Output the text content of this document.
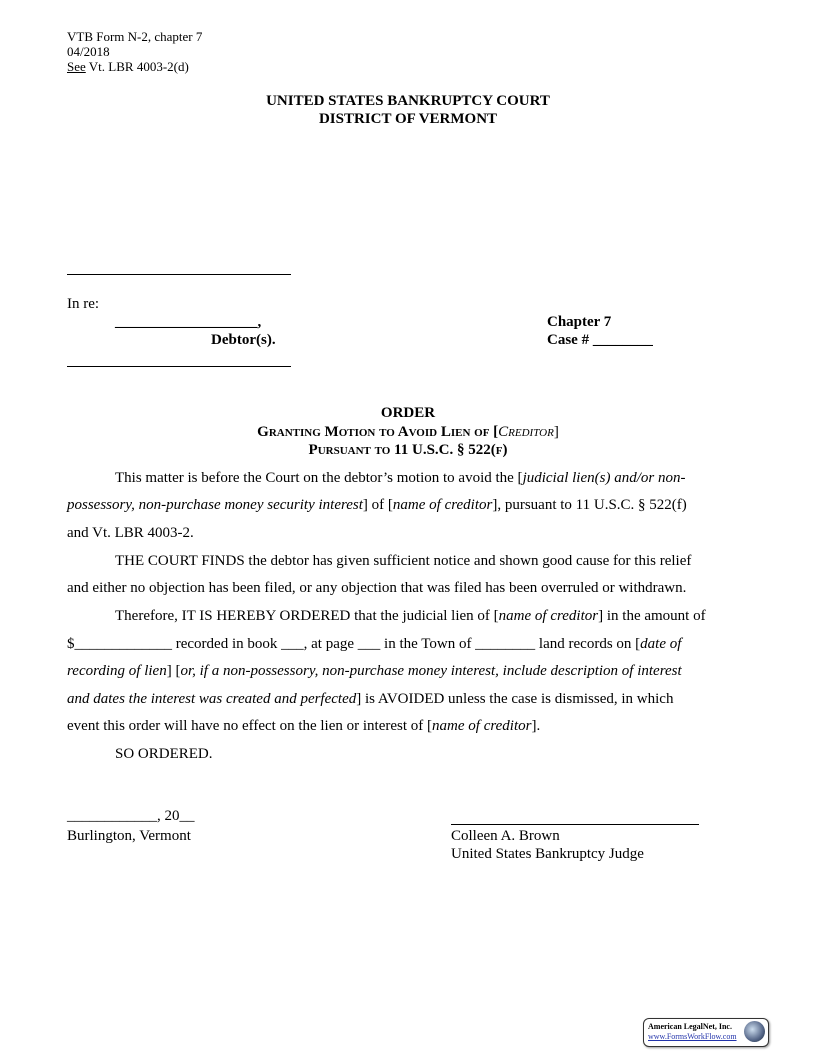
VTB Form N-2, chapter 7
04/2018
See Vt. LBR 4003-2(d)
UNITED STATES BANKRUPTCY COURT
DISTRICT OF VERMONT
In re:
___________________,
Debtor(s).
Chapter 7
Case # ________
ORDER
Granting Motion to Avoid Lien of [Creditor]
Pursuant to 11 U.S.C. § 522(f)
This matter is before the Court on the debtor’s motion to avoid the [judicial lien(s) and/or non-
possessory, non-purchase money security interest] of [name of creditor], pursuant to 11 U.S.C. § 522(f)
and Vt. LBR 4003-2.
THE COURT FINDS the debtor has given sufficient notice and shown good cause for this relief
and either no objection has been filed, or any objection that was filed has been overruled or withdrawn.
Therefore, IT IS HEREBY ORDERED that the judicial lien of [name of creditor] in the amount of
$_____________ recorded in book ___, at page ___ in the Town of ________ land records on [date of
recording of lien] [or, if a non-possessory, non-purchase money interest, include description of interest
and dates the interest was created and perfected] is AVOIDED unless the case is dismissed, in which
event this order will have no effect on the lien or interest of [name of creditor].
SO ORDERED.
____________, 20__
Burlington, Vermont	Colleen A. Brown
United States Bankruptcy Judge
American LegalNet, Inc.
www.FormsWorkFlow.com
